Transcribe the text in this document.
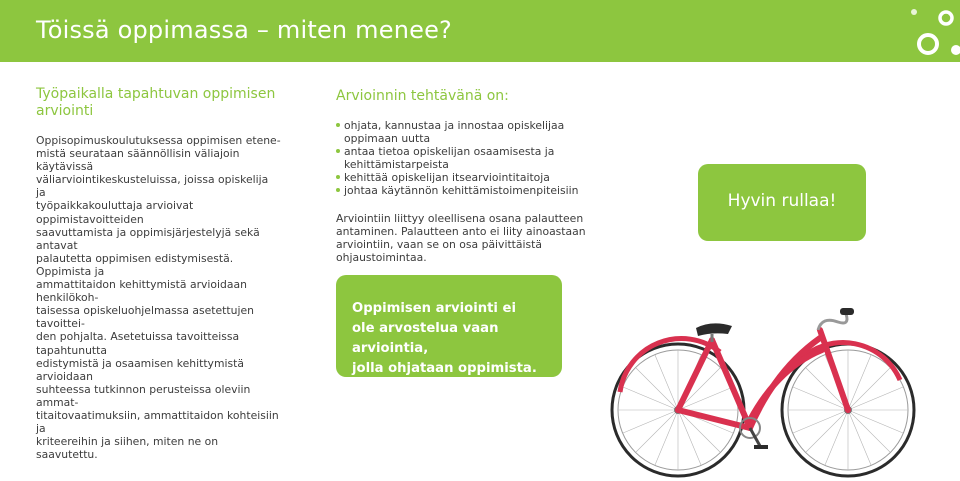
Töissä oppimassa – miten menee?
Työpaikalla tapahtuvan oppimisen
arviointi

Oppisopimuskoulutuksessa oppimisen etene-
mistä seurataan säännöllisin väliajoin käytävissä
väliarviointikeskusteluissa, joissa opiskelija ja
työpaikkakouluttaja arvioivat oppimistavoitteiden
saavuttamista ja oppimisjärjestelyjä sekä antavat
palautetta oppimisen edistymisestä. Oppimista ja
ammattitaidon kehittymistä arvioidaan henkilökoh-
taisessa opiskeluohjelmassa asetettujen tavoittei-
den pohjalta. Asetetuissa tavoitteissa tapahtunutta
edistymistä ja osaamisen kehittymistä arvioidaan
suhteessa tutkinnon perusteissa oleviin ammat-
titaitovaatimuksiin, ammattitaidon kohteisiin ja
kriteereihin ja siihen, miten ne on saavutettu.

Arvioinnin tehtävänä on:
ohjata, kannustaa ja innostaa opiskelijaa
oppimaan uutta
antaa tietoa opiskelijan osaamisesta ja
kehittämistarpeista
kehittää opiskelijan itsearviointitaitoja
johtaa käytännön kehittämistoimenpiteisiin

Arviointiin liittyy oleellisena osana palautteen
antaminen. Palautteen anto ei liity ainoastaan
arviointiin, vaan se on osa päivittäistä
ohjaustoimintaa.

Oppimisen arviointi ei
ole arvostelua vaan arviointia,
jolla ohjataan oppimista.
Hyvin rullaa!
